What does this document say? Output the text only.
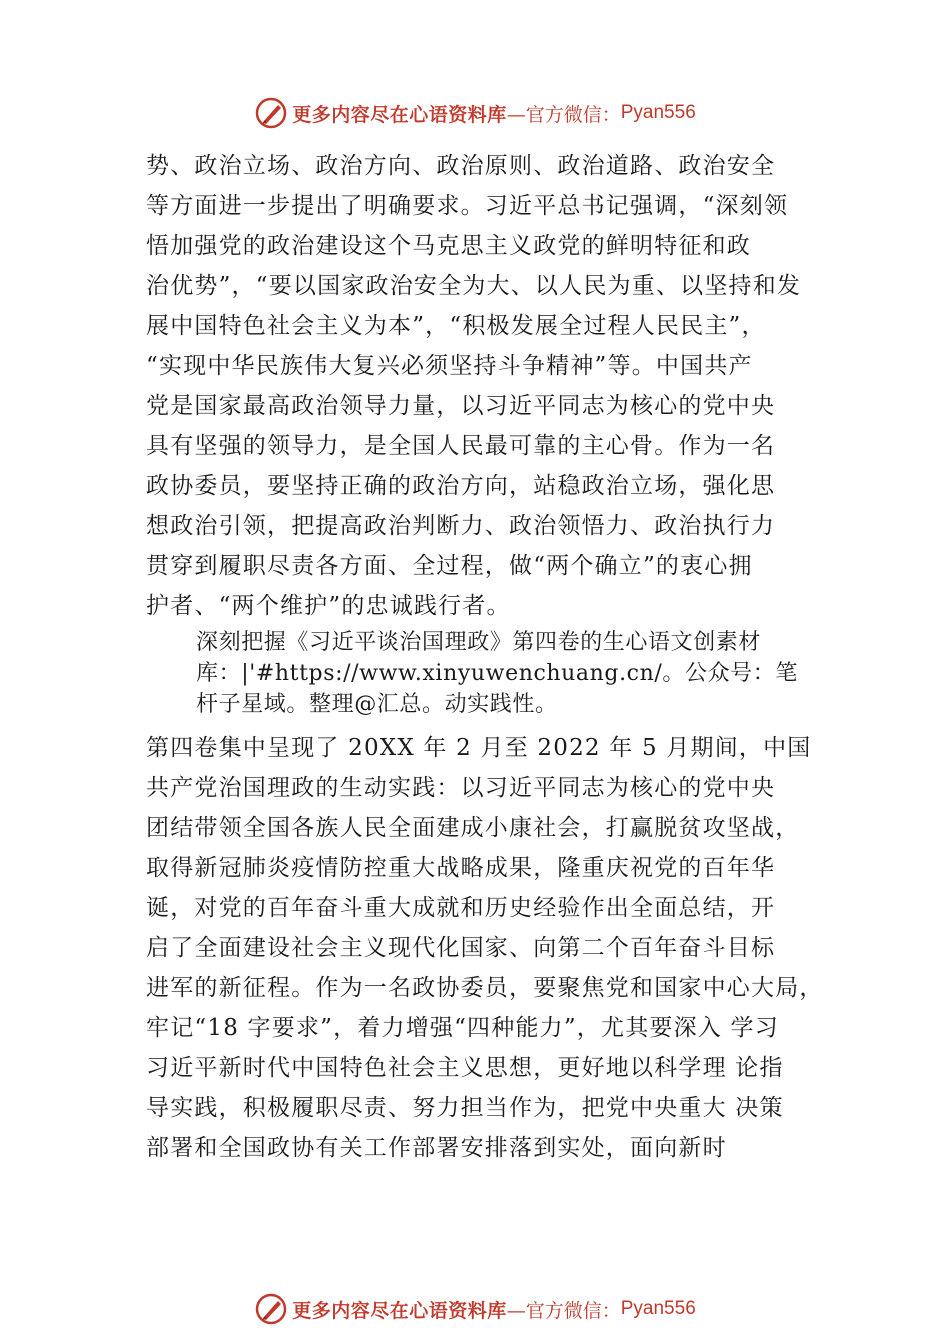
更多内容尽在心语资料库 —官方微信： Pyan556
势、政治立场、政治方向、政治原则、政治道路、政治安全
等方面进一步提出了明确要求。习近平总书记强调，“深刻领
悟加强党的政治建设这个马克思主义政党的鲜明特征和政
治优势”，“要以国家政治安全为大、以人民为重、以坚持和发
展中国特色社会主义为本”，“积极发展全过程人民民主”，
“实现中华民族伟大复兴必须坚持斗争精神”等。中国共产
党是国家最高政治领导力量，以习近平同志为核心的党中央
具有坚强的领导力，是全国人民最可靠的主心骨。作为一名
政协委员，要坚持正确的政治方向，站稳政治立场，强化思
想政治引领，把提高政治判断力、政治领悟力、政治执行力
贯穿到履职尽责各方面、全过程，做“两个确立”的衷心拥
护者、“两个维护”的忠诚践行者。
深刻把握《习近平谈治国理政》第四卷的生心语文创素材
库：|'#https://www.xinyuwenchuang.cn/。公众号：笔
杆子星域。整理@汇总。动实践性。
第四卷集中呈现了 20XX 年 2 月至 2022 年 5 月期间，中国
共产党治国理政的生动实践：以习近平同志为核心的党中央
团结带领全国各族人民全面建成小康社会，打赢脱贫攻坚战，
取得新冠肺炎疫情防控重大战略成果，隆重庆祝党的百年华
诞，对党的百年奋斗重大成就和历史经验作出全面总结，开
启了全面建设社会主义现代化国家、向第二个百年奋斗目标
进军的新征程。作为一名政协委员，要聚焦党和国家中心大局，
牢记“18 字要求”，着力增强“四种能力”，尤其要深入 学习
习近平新时代中国特色社会主义思想，更好地以科学理 论指
导实践，积极履职尽责、努力担当作为，把党中央重大 决策
部署和全国政协有关工作部署安排落到实处，面向新时
更多内容尽在心语资料库 —官方微信： Pyan556
